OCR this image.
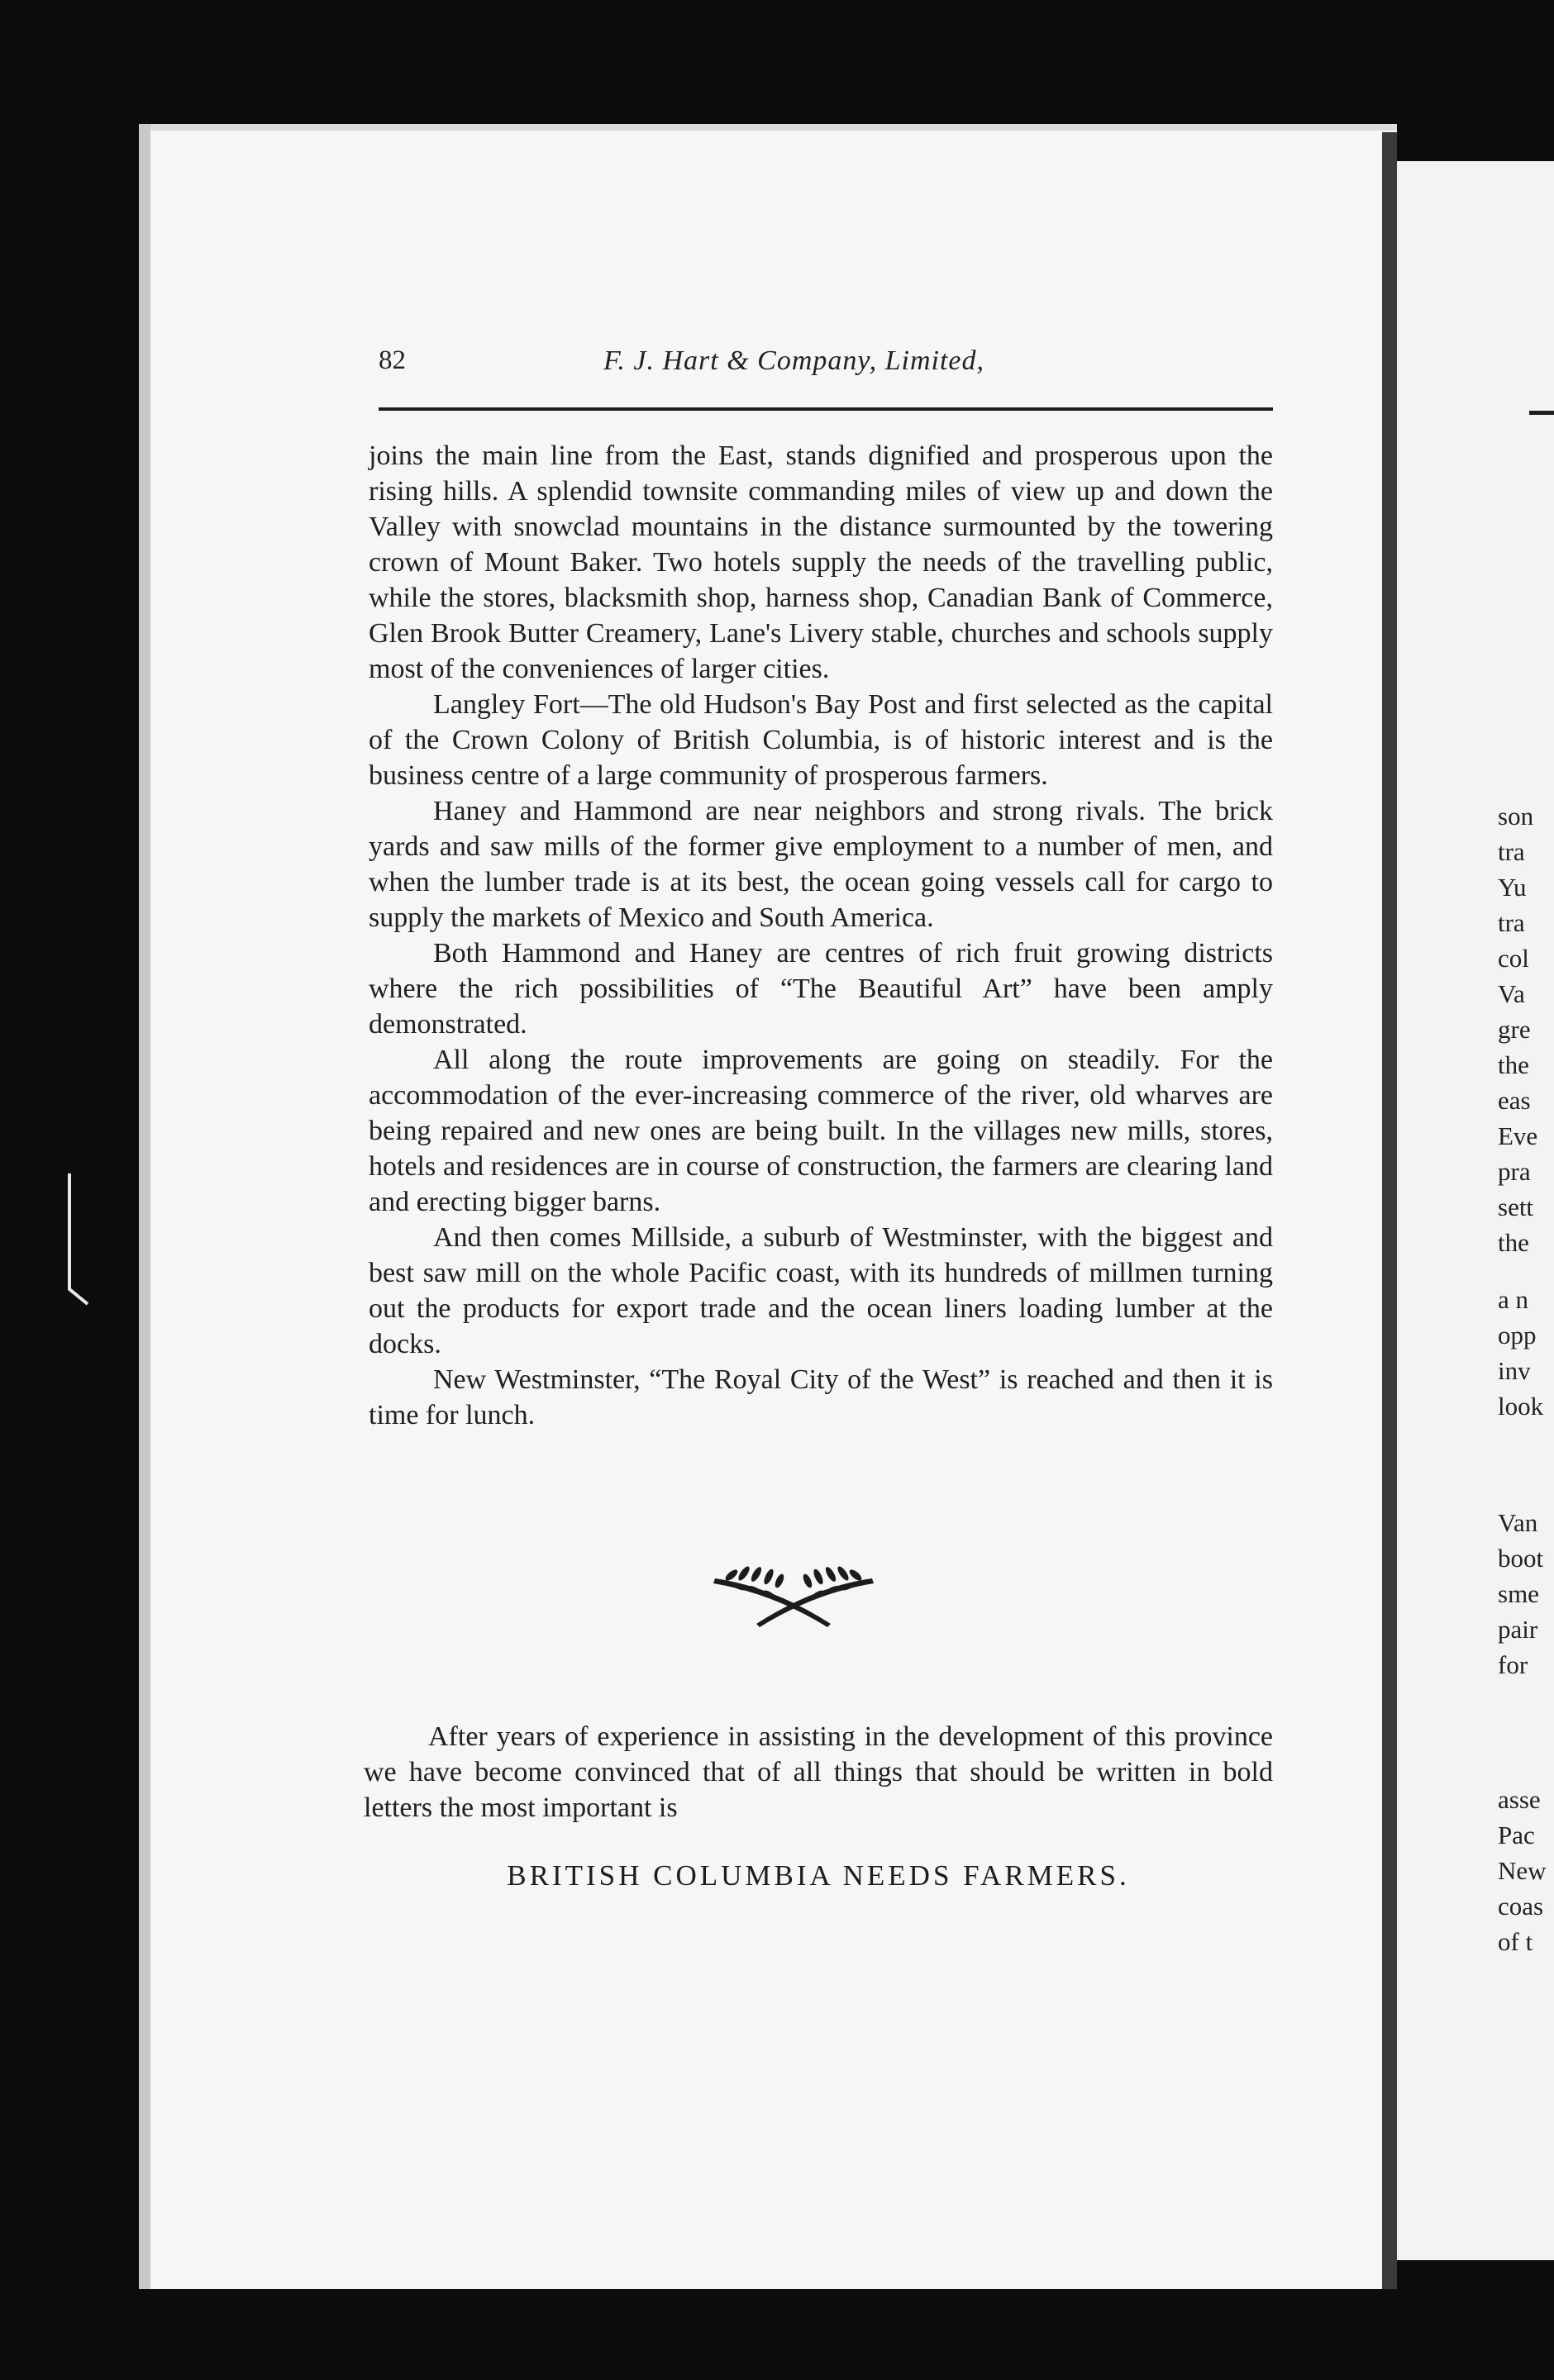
son
tra
Yu
tra
col
Va
gre
the
eas
Eve
pra
sett
the
a n
opp
inv
look
Van
boot
sme
pair
for
asse
Pac
New
coas
of t
82	F. J. Hart & Company, Limited,

joins the main line from the East, stands dignified and prosperous upon the rising hills. A splendid townsite commanding miles of view up and down the Valley with snowclad mountains in the distance surmounted by the towering crown of Mount Baker. Two hotels supply the needs of the travelling public, while the stores, blacksmith shop, harness shop, Canadian Bank of Commerce, Glen Brook Butter Creamery, Lane's Livery stable, churches and schools supply most of the conveniences of larger cities.

Langley Fort—The old Hudson's Bay Post and first selected as the capital of the Crown Colony of British Columbia, is of historic interest and is the business centre of a large community of prosperous farmers.

Haney and Hammond are near neighbors and strong rivals. The brick yards and saw mills of the former give employment to a number of men, and when the lumber trade is at its best, the ocean going vessels call for cargo to supply the markets of Mexico and South America.

Both Hammond and Haney are centres of rich fruit growing districts where the rich possibilities of “The Beautiful Art” have been amply demonstrated.

All along the route improvements are going on steadily. For the accommodation of the ever-increasing commerce of the river, old wharves are being repaired and new ones are being built. In the villages new mills, stores, hotels and residences are in course of construction, the farmers are clearing land and erecting bigger barns.

And then comes Millside, a suburb of Westminster, with the biggest and best saw mill on the whole Pacific coast, with its hundreds of millmen turning out the products for export trade and the ocean liners loading lumber at the docks.

New Westminster, “The Royal City of the West” is reached and then it is time for lunch.

After years of experience in assisting in the development of this province we have become convinced that of all things that should be written in bold letters the most important is

BRITISH COLUMBIA NEEDS FARMERS.
